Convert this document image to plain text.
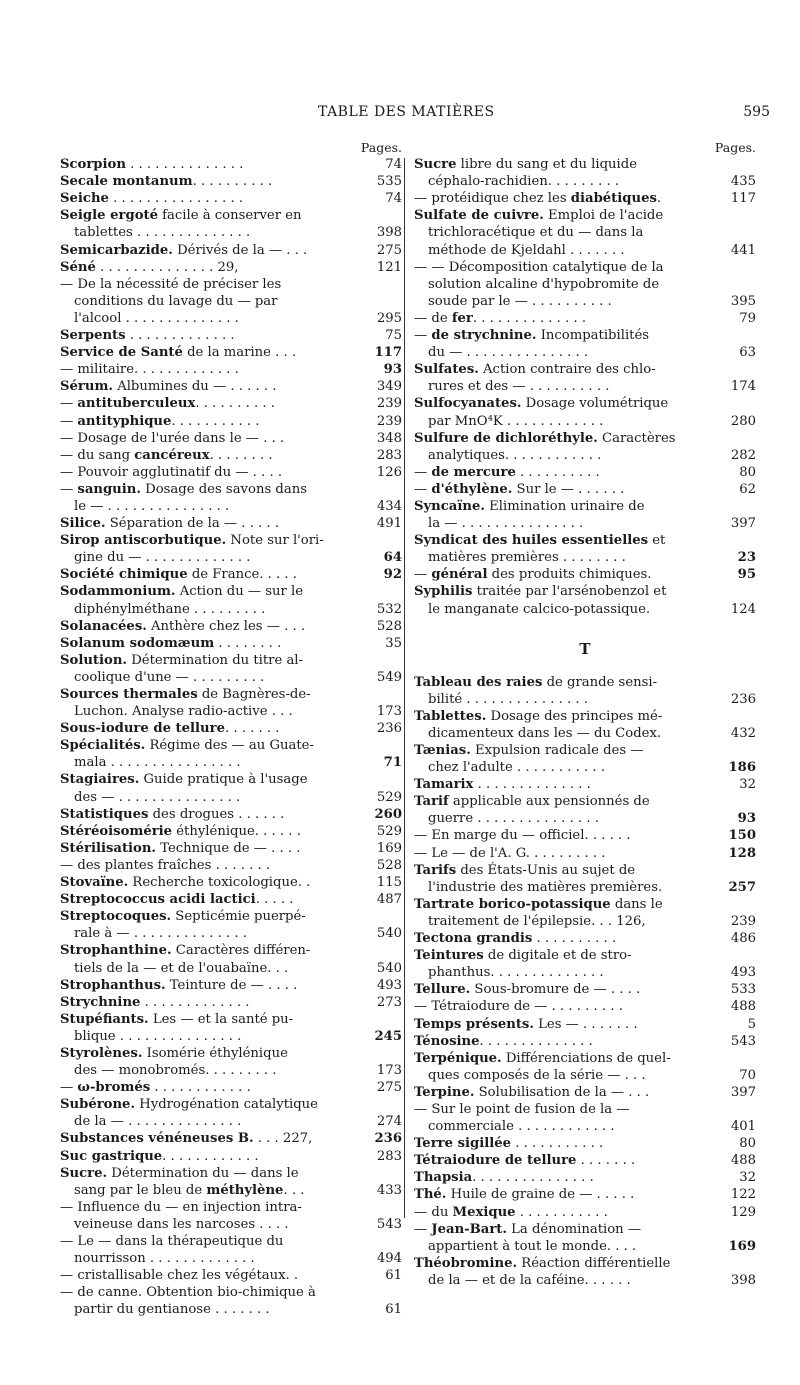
TABLE DES MATIÈRES	595
Pages.
74
Scorpion . . . . . . . . . . . . . .
535
Secale montanum. . . . . . . . . .
74
Seiche . . . . . . . . . . . . . . . .
Seigle ergoté facile à conserver en
398
tablettes . . . . . . . . . . . . . .
275
Semicarbazide. Dérivés de la — . . .
121
Séné . . . . . . . . . . . . . . 29,
— De la nécessité de préciser les
conditions du lavage du — par
295
l'alcool . . . . . . . . . . . . . .
75
Serpents . . . . . . . . . . . . .
117
Service de Santé de la marine . . .
93
— militaire. . . . . . . . . . . . .
349
Sérum. Albumines du — . . . . . .
239
— antituberculeux. . . . . . . . . .
239
— antityphique. . . . . . . . . . .
348
— Dosage de l'urée dans le — . . .
283
— du sang cancéreux. . . . . . . .
126
— Pouvoir agglutinatif du — . . . .
— sanguin. Dosage des savons dans
434
le — . . . . . . . . . . . . . . .
491
Silice. Séparation de la — . . . . .
Sirop antiscorbutique. Note sur l'ori-
64
gine du — . . . . . . . . . . . . .
92
Société chimique de France. . . . .
Sodammonium. Action du — sur le
532
diphénylméthane . . . . . . . . .
528
Solanacées. Anthère chez les — . . .
35
Solanum sodomæum . . . . . . . .
Solution. Détermination du titre al-
549
coolique d'une — . . . . . . . . .
Sources thermales de Bagnères-de-
173
Luchon. Analyse radio-active . . .
236
Sous-iodure de tellure. . . . . . .
Spécialités. Régime des — au Guate-
71
mala . . . . . . . . . . . . . . . .
Stagiaires. Guide pratique à l'usage
529
des — . . . . . . . . . . . . . . .
260
Statistiques des drogues . . . . . .
529
Stéréoisomérie éthylénique. . . . . .
169
Stérilisation. Technique de — . . . .
528
— des plantes fraîches . . . . . . .
115
Stovaïne. Recherche toxicologique. .
487
Streptococcus acidi lactici. . . . .
Streptocoques. Septicémie puerpé-
540
rale à — . . . . . . . . . . . . . .
Strophanthine. Caractères différen-
540
tiels de la — et de l'ouabaïne. . .
493
Strophanthus. Teinture de — . . . .
273
Strychnine . . . . . . . . . . . . .
Stupéfiants. Les — et la santé pu-
245
blique . . . . . . . . . . . . . . .
Styrolènes. Isomérie éthylénique
173
des — monobromés. . . . . . . . .
275
— ω-bromés . . . . . . . . . . . .
Subérone. Hydrogénation catalytique
274
de la — . . . . . . . . . . . . . .
236
Substances vénéneuses B. . . . 227,
283
Suc gastrique. . . . . . . . . . . .
Sucre. Détermination du — dans le
433
sang par le bleu de méthylène. . .
— Influence du — en injection intra-
543
veineuse dans les narcoses . . . .
— Le — dans la thérapeutique du
494
nourrisson . . . . . . . . . . . . .
61
— cristallisable chez les végétaux. .
— de canne. Obtention bio-chimique à
61
partir du gentianose . . . . . . .
Pages.
Sucre libre du sang et du liquide
435
céphalo-rachidien. . . . . . . . .
117
— protéidique chez les diabétiques.
Sulfate de cuivre. Emploi de l'acide
trichloracétique et du — dans la
441
méthode de Kjeldahl . . . . . . .
— — Décomposition catalytique de la
solution alcaline d'hypobromite de
395
soude par le — . . . . . . . . . .
79
— de fer. . . . . . . . . . . . . .
— de strychnine. Incompatibilités
63
du — . . . . . . . . . . . . . . .
Sulfates. Action contraire des chlo-
174
rures et des — . . . . . . . . . .
Sulfocyanates. Dosage volumétrique
280
par MnO⁴K . . . . . . . . . . . .
Sulfure de dichloréthyle. Caractères
282
analytiques. . . . . . . . . . . .
80
— de mercure . . . . . . . . . .
62
— d'éthylène. Sur le — . . . . . .
Syncaïne. Elimination urinaire de
397
la — . . . . . . . . . . . . . . .
Syndicat des huiles essentielles et
23
matières premières . . . . . . . .
95
— général des produits chimiques.
Syphilis traitée par l'arsénobenzol et
124
le manganate calcico-potassique.
T
Tableau des raies de grande sensi-
236
bilité . . . . . . . . . . . . . . .
Tablettes. Dosage des principes mé-
432
dicamenteux dans les — du Codex.
Tænias. Expulsion radicale des —
186
chez l'adulte . . . . . . . . . . .
32
Tamarix . . . . . . . . . . . . . .
Tarif applicable aux pensionnés de
93
guerre . . . . . . . . . . . . . . .
150
— En marge du — officiel. . . . . .
128
— Le — de l'A. G. . . . . . . . . .
Tarifs des États-Unis au sujet de
257
l'industrie des matières premières.
Tartrate borico-potassique dans le
239
traitement de l'épilepsie. . . 126,
486
Tectona grandis . . . . . . . . . .
Teintures de digitale et de stro-
493
phanthus. . . . . . . . . . . . . .
533
Tellure. Sous-bromure de — . . . .
488
— Tétraiodure de — . . . . . . . . .
5
Temps présents. Les — . . . . . . .
543
Ténosine. . . . . . . . . . . . . .
Terpénique. Différenciations de quel-
70
ques composés de la série — . . .
397
Terpine. Solubilisation de la — . . .
— Sur le point de fusion de la —
401
commerciale . . . . . . . . . . . .
80
Terre sigillée . . . . . . . . . . .
488
Tétraiodure de tellure . . . . . . .
32
Thapsia. . . . . . . . . . . . . . .
122
Thé. Huile de graine de — . . . . .
129
— du Mexique . . . . . . . . . . .
— Jean-Bart. La dénomination —
169
appartient à tout le monde. . . .
Théobromine. Réaction différentielle
398
de la — et de la caféine. . . . . .
